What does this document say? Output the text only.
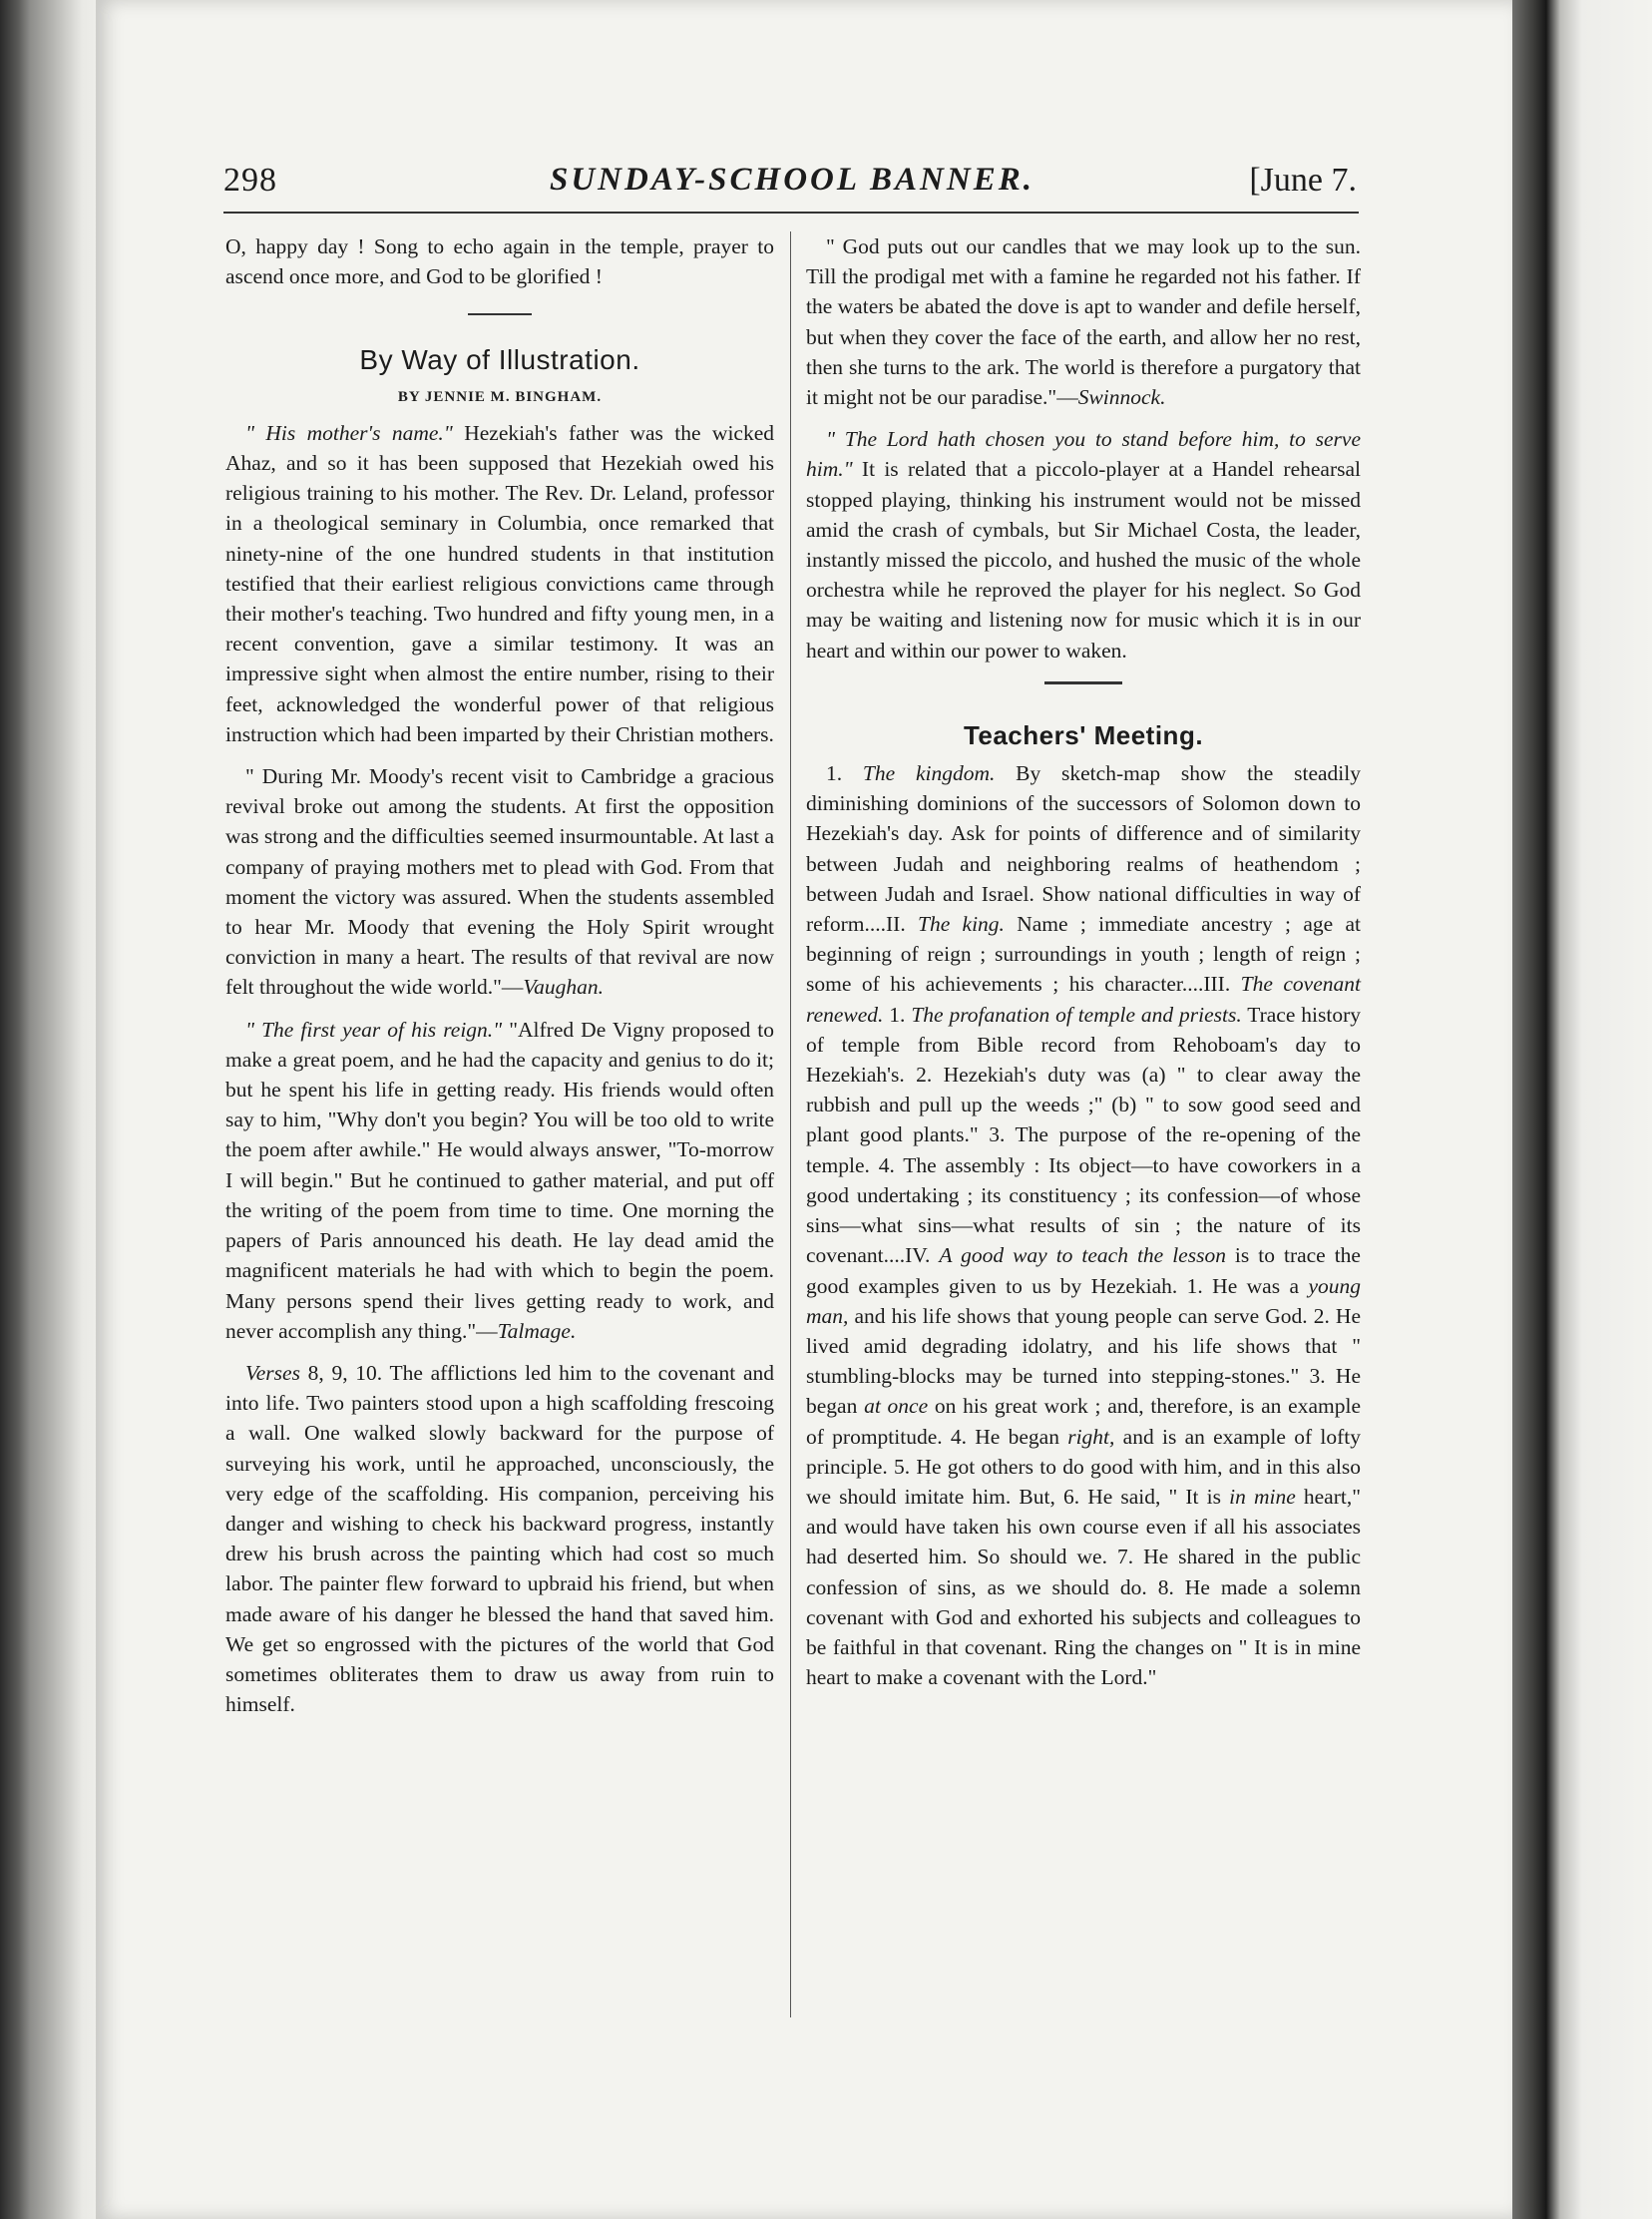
298	SUNDAY-SCHOOL BANNER.	[June 7.

O, happy day ! Song to echo again in the temple, prayer to ascend once more, and God to be glorified !

By Way of Illustration.
BY JENNIE M. BINGHAM.

" His mother's name." Hezekiah's father was the wicked Ahaz, and so it has been supposed that Hezekiah owed his religious training to his mother. The Rev. Dr. Leland, professor in a theological seminary in Columbia, once remarked that ninety-nine of the one hundred students in that institution testified that their earliest religious convictions came through their mother's teaching. Two hundred and fifty young men, in a recent convention, gave a similar testimony. It was an impressive sight when almost the entire number, rising to their feet, acknowledged the wonderful power of that religious instruction which had been imparted by their Christian mothers.

" During Mr. Moody's recent visit to Cambridge a gracious revival broke out among the students. At first the opposition was strong and the difficulties seemed insurmountable. At last a company of praying mothers met to plead with God. From that moment the victory was assured. When the students assembled to hear Mr. Moody that evening the Holy Spirit wrought conviction in many a heart. The results of that revival are now felt throughout the wide world."—Vaughan.

" The first year of his reign." "Alfred De Vigny proposed to make a great poem, and he had the capacity and genius to do it; but he spent his life in getting ready. His friends would often say to him, "Why don't you begin? You will be too old to write the poem after awhile." He would always answer, "To-morrow I will begin." But he continued to gather material, and put off the writing of the poem from time to time. One morning the papers of Paris announced his death. He lay dead amid the magnificent materials he had with which to begin the poem. Many persons spend their lives getting ready to work, and never accomplish any thing."—Talmage.

Verses 8, 9, 10. The afflictions led him to the covenant and into life. Two painters stood upon a high scaffolding frescoing a wall. One walked slowly backward for the purpose of surveying his work, until he approached, unconsciously, the very edge of the scaffolding. His companion, perceiving his danger and wishing to check his backward progress, instantly drew his brush across the painting which had cost so much labor. The painter flew forward to upbraid his friend, but when made aware of his danger he blessed the hand that saved him. We get so engrossed with the pictures of the world that God sometimes obliterates them to draw us away from ruin to himself.

" God puts out our candles that we may look up to the sun. Till the prodigal met with a famine he regarded not his father. If the waters be abated the dove is apt to wander and defile herself, but when they cover the face of the earth, and allow her no rest, then she turns to the ark. The world is therefore a purgatory that it might not be our paradise."—Swinnock.

" The Lord hath chosen you to stand before him, to serve him." It is related that a piccolo-player at a Handel rehearsal stopped playing, thinking his instrument would not be missed amid the crash of cymbals, but Sir Michael Costa, the leader, instantly missed the piccolo, and hushed the music of the whole orchestra while he reproved the player for his neglect. So God may be waiting and listening now for music which it is in our heart and within our power to waken.

Teachers' Meeting.

1. The kingdom. By sketch-map show the steadily diminishing dominions of the successors of Solomon down to Hezekiah's day. Ask for points of difference and of similarity between Judah and neighboring realms of heathendom ; between Judah and Israel. Show national difficulties in way of reform....II. The king. Name ; immediate ancestry ; age at beginning of reign ; surroundings in youth ; length of reign ; some of his achievements ; his character....III. The covenant renewed. 1. The profanation of temple and priests. Trace history of temple from Bible record from Rehoboam's day to Hezekiah's. 2. Hezekiah's duty was (a) " to clear away the rubbish and pull up the weeds ;" (b) " to sow good seed and plant good plants." 3. The purpose of the re-opening of the temple. 4. The assembly : Its object—to have coworkers in a good undertaking ; its constituency ; its confession—of whose sins—what sins—what results of sin ; the nature of its covenant....IV. A good way to teach the lesson is to trace the good examples given to us by Hezekiah. 1. He was a young man, and his life shows that young people can serve God. 2. He lived amid degrading idolatry, and his life shows that " stumbling-blocks may be turned into stepping-stones." 3. He began at once on his great work ; and, therefore, is an example of promptitude. 4. He began right, and is an example of lofty principle. 5. He got others to do good with him, and in this also we should imitate him. But, 6. He said, " It is in mine heart," and would have taken his own course even if all his associates had deserted him. So should we. 7. He shared in the public confession of sins, as we should do. 8. He made a solemn covenant with God and exhorted his subjects and colleagues to be faithful in that covenant. Ring the changes on " It is in mine heart to make a covenant with the Lord."
